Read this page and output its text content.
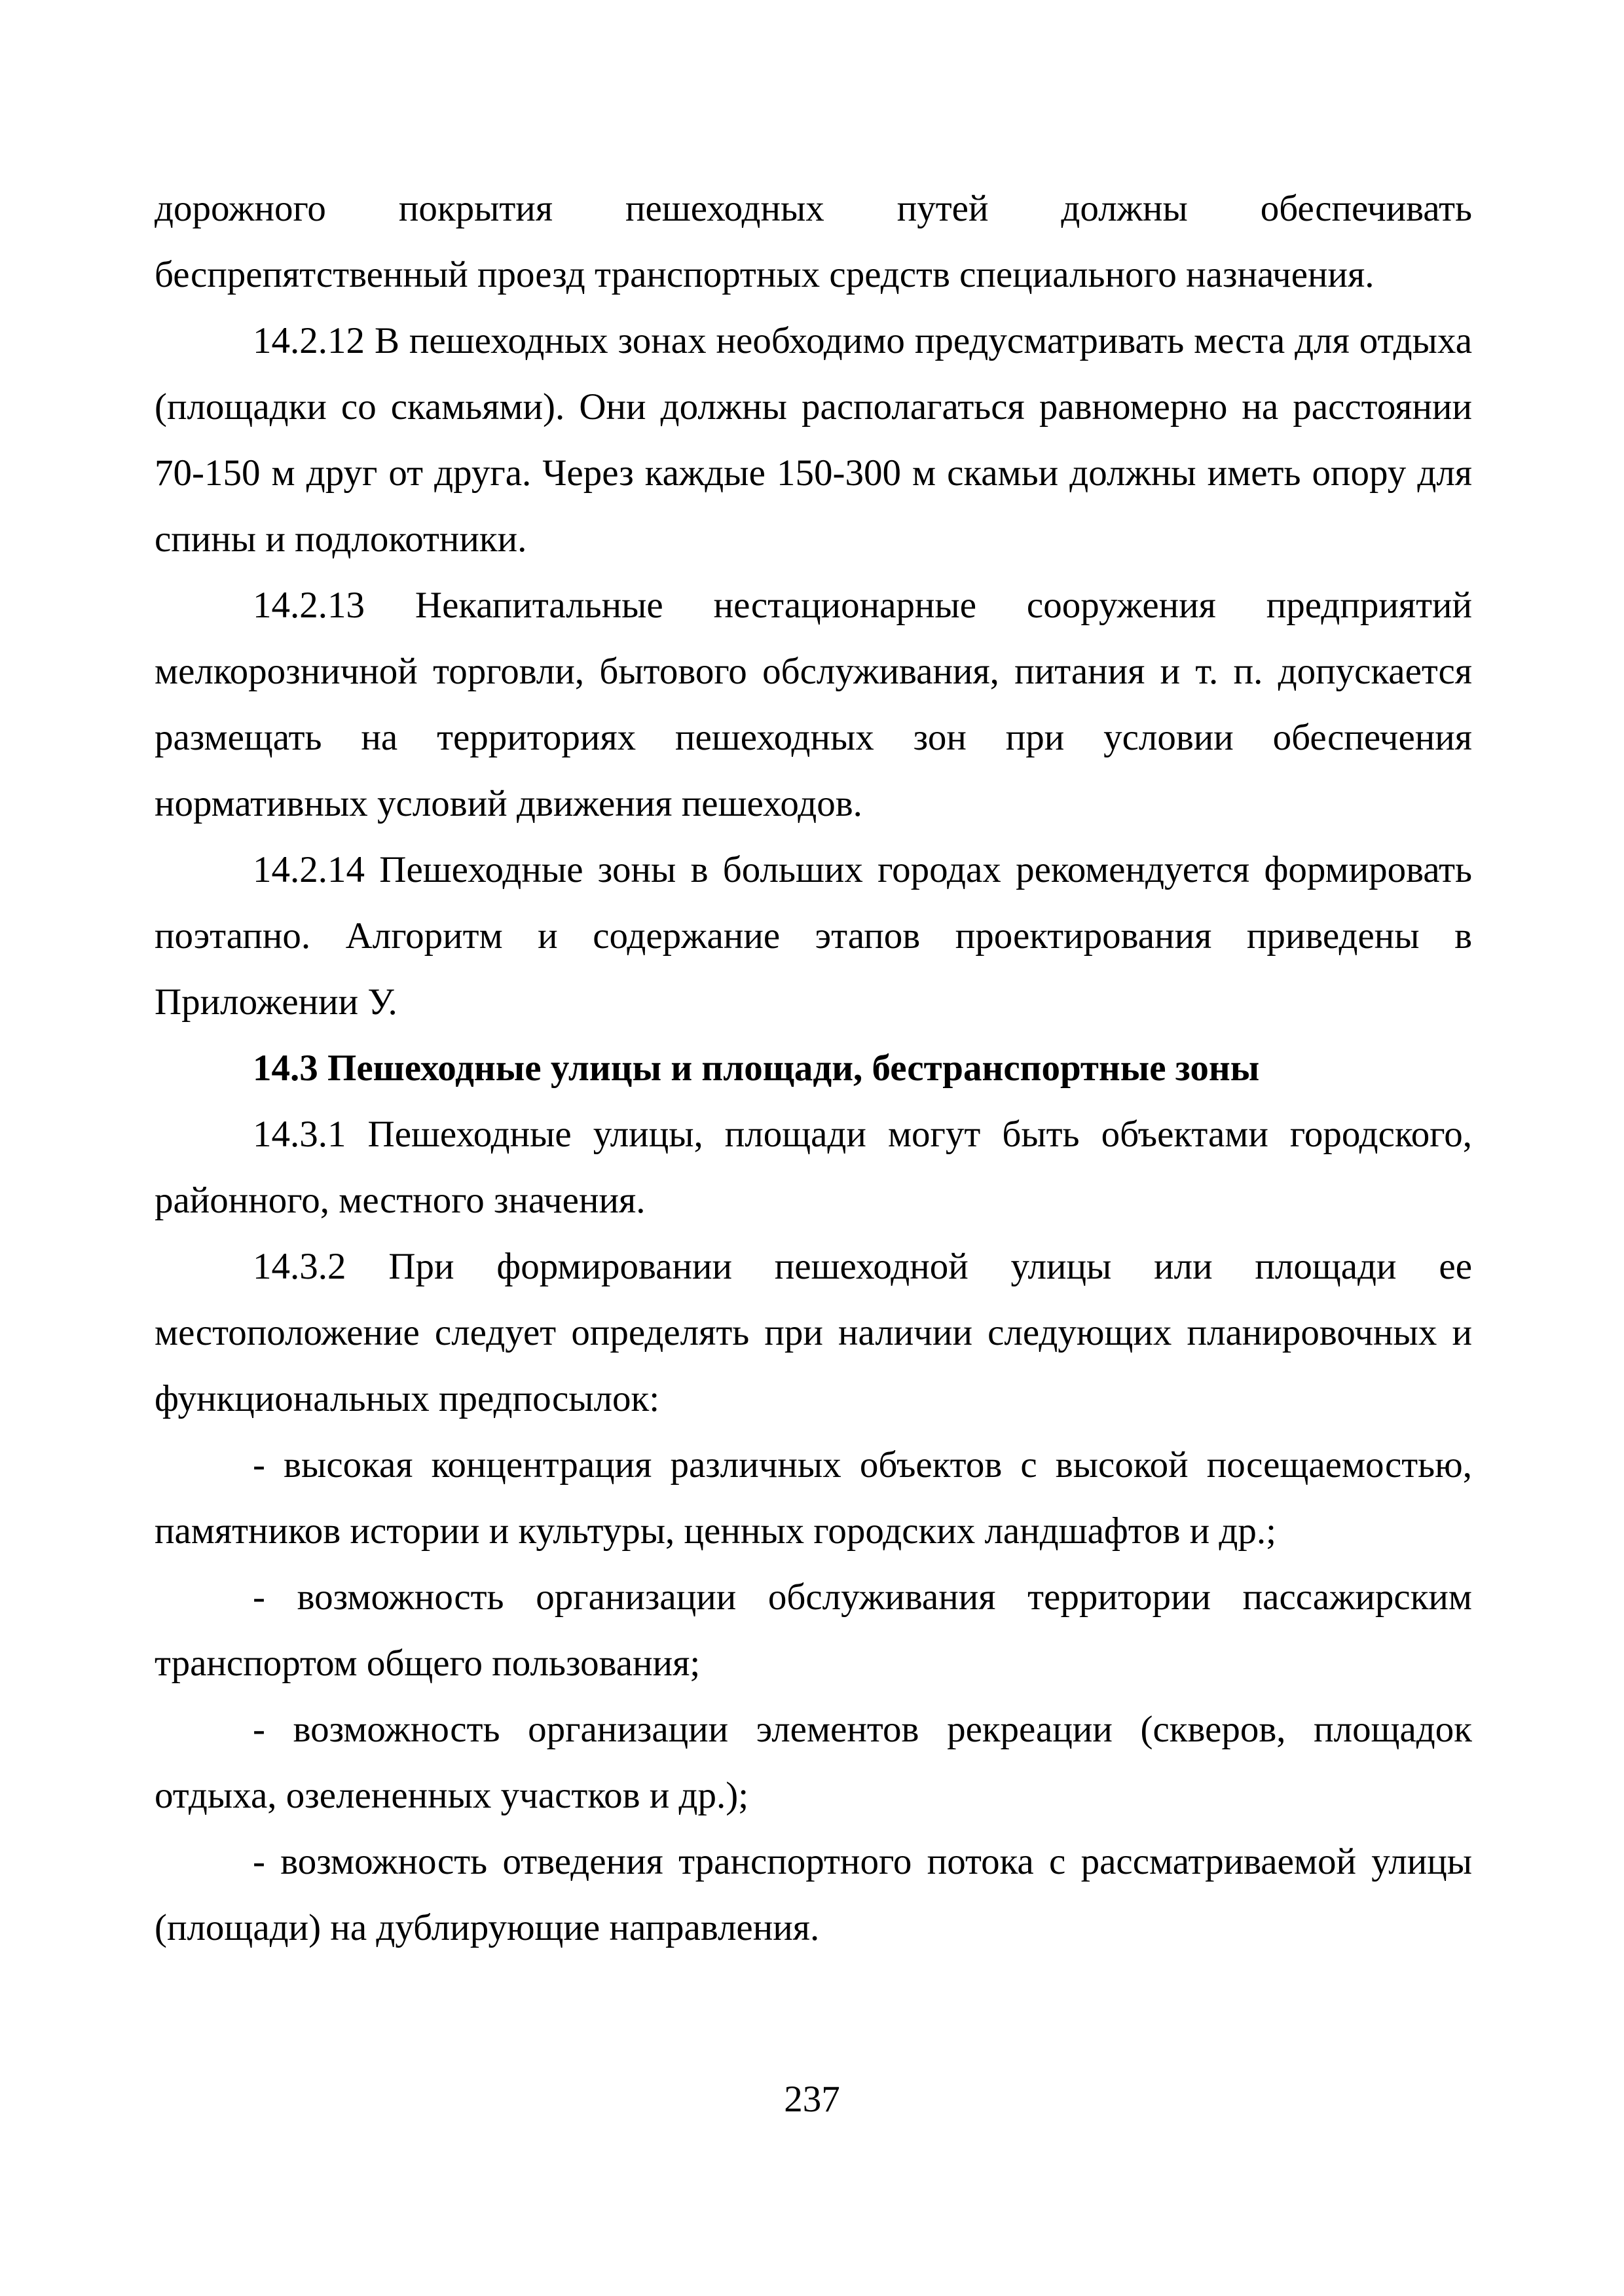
дорожного покрытия пешеходных путей должны обеспечивать беспрепятственный проезд транспортных средств специального назначения.

14.2.12 В пешеходных зонах необходимо предусматривать места для отдыха (площадки со скамьями). Они должны располагаться равномерно на расстоянии 70-150 м друг от друга. Через каждые 150-300 м скамьи должны иметь опору для спины и подлокотники.

14.2.13 Некапитальные нестационарные сооружения предприятий мелкорозничной торговли, бытового обслуживания, питания и т. п. допускается размещать на территориях пешеходных зон при условии обеспечения нормативных условий движения пешеходов.

14.2.14 Пешеходные зоны в больших городах рекомендуется формировать поэтапно. Алгоритм и содержание этапов проектирования приведены в Приложении У.

14.3 Пешеходные улицы и площади, бестранспортные зоны

14.3.1 Пешеходные улицы, площади могут быть объектами городского, районного, местного значения.

14.3.2 При формировании пешеходной улицы или площади ее местоположение следует определять при наличии следующих планировочных и функциональных предпосылок:

- высокая концентрация различных объектов с высокой посещаемостью, памятников истории и культуры, ценных городских ландшафтов и др.;

- возможность организации обслуживания территории пассажирским транспортом общего пользования;

- возможность организации элементов рекреации (скверов, площадок отдыха, озелененных участков и др.);

- возможность отведения транспортного потока с рассматриваемой улицы (площади) на дублирующие направления.

237
